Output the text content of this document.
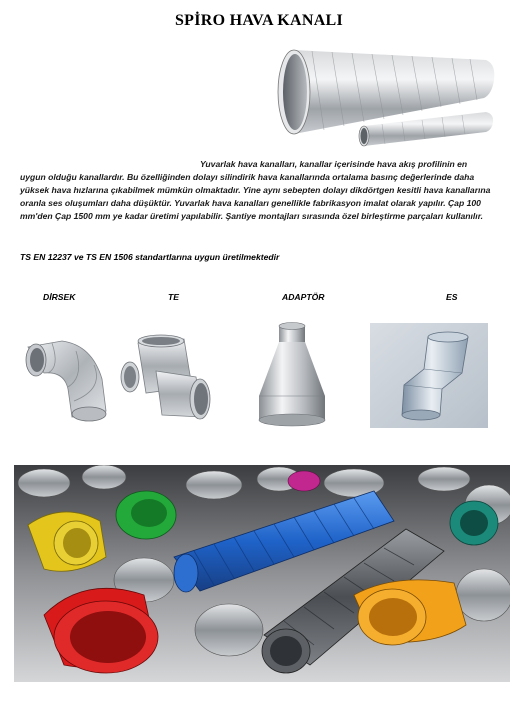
SPİRO HAVA KANALI
Yuvarlak hava kanalları, kanallar içerisinde hava akış profilinin en
uygun olduğu kanallardır. Bu özelliğinden dolayı silindirik hava kanallarında ortalama basınç değerlerinde daha yüksek hava hızlarına çıkabilmek mümkün olmaktadır. Yine aynı sebepten dolayı dikdörtgen kesitli hava kanallarına oranla ses oluşumları daha düşüktür. Yuvarlak hava kanalları genellikle fabrikasyon imalat olarak yapılır. Çap 100 mm'den Çap 1500 mm ye kadar üretimi yapılabilir. Şantiye montajları sırasında özel birleştirme parçaları kullanılır.
TS EN 12237 ve TS EN 1506 standartlarına uygun üretilmektedir
DİRSEK	TE	ADAPTÖR	ES
